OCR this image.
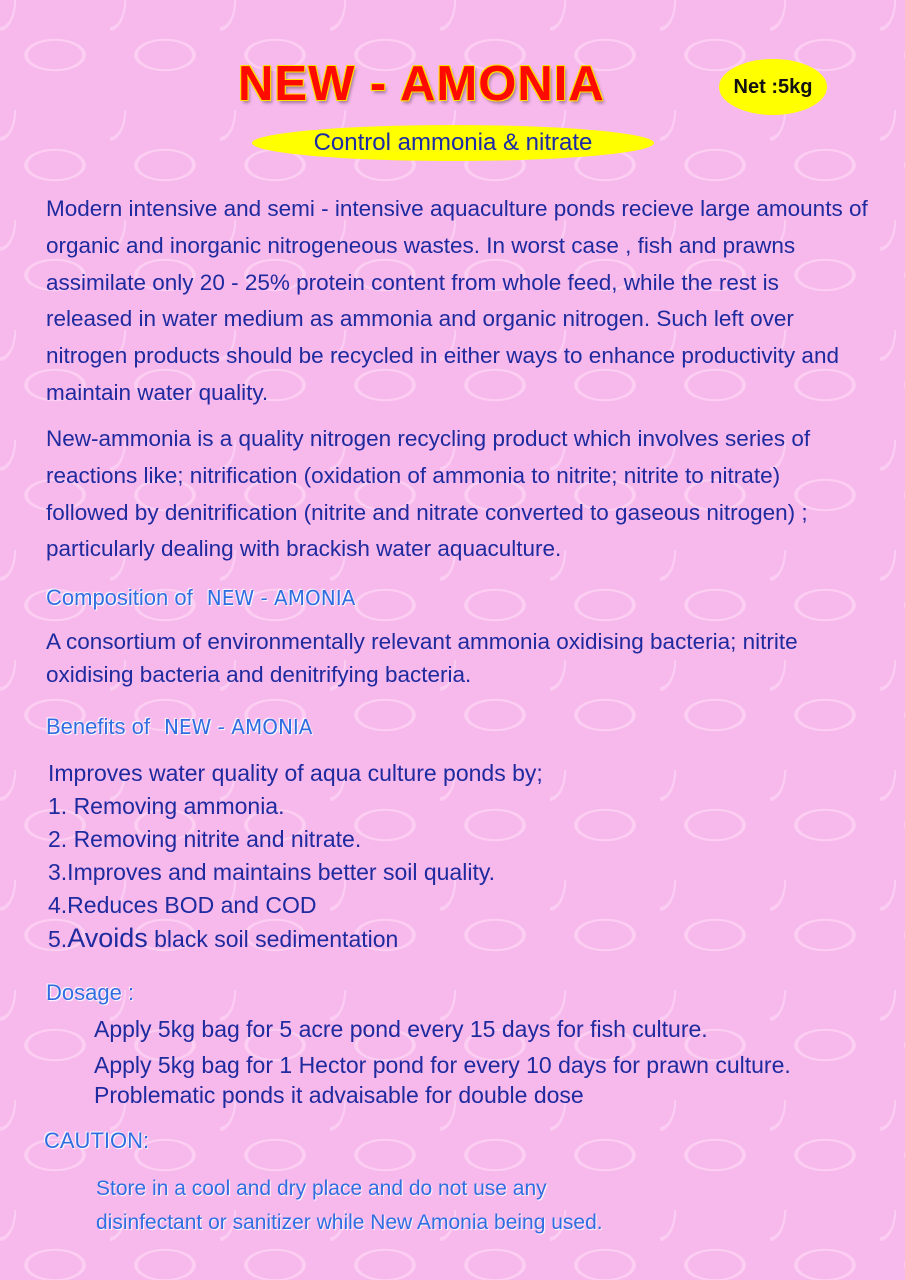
NEW - AMONIA	Net :5kg
Control ammonia & nitrate
Modern intensive and semi - intensive aquaculture ponds recieve large amounts of
organic and inorganic nitrogeneous wastes. In worst case , fish and prawns
assimilate only 20 - 25% protein content from whole feed, while the rest is
released in water medium as ammonia and organic nitrogen. Such left over
nitrogen products should be recycled in either ways to enhance productivity and
maintain water quality.
New-ammonia is a quality nitrogen recycling product which involves series of
reactions like; nitrification (oxidation of ammonia to nitrite; nitrite to nitrate)
followed by denitrification (nitrite and nitrate converted to gaseous nitrogen) ;
particularly dealing with brackish water aquaculture.
Composition of NEW - AMONIA
A consortium of environmentally relevant ammonia oxidising bacteria; nitrite
oxidising bacteria and denitrifying bacteria.
Benefits of NEW - AMONIA
Improves water quality of aqua culture ponds by;
1. Removing ammonia.
2. Removing nitrite and nitrate.
3.Improves and maintains better soil quality.
4.Reduces BOD and COD
5.Avoids black soil sedimentation
Dosage :
Apply 5kg bag for 5 acre pond every 15 days for fish culture.
Apply 5kg bag for 1 Hector pond for every 10 days for prawn culture.
Problematic ponds it advaisable for double dose
CAUTION:
Store in a cool and dry place and do not use any
disinfectant or sanitizer while New Amonia being used.
